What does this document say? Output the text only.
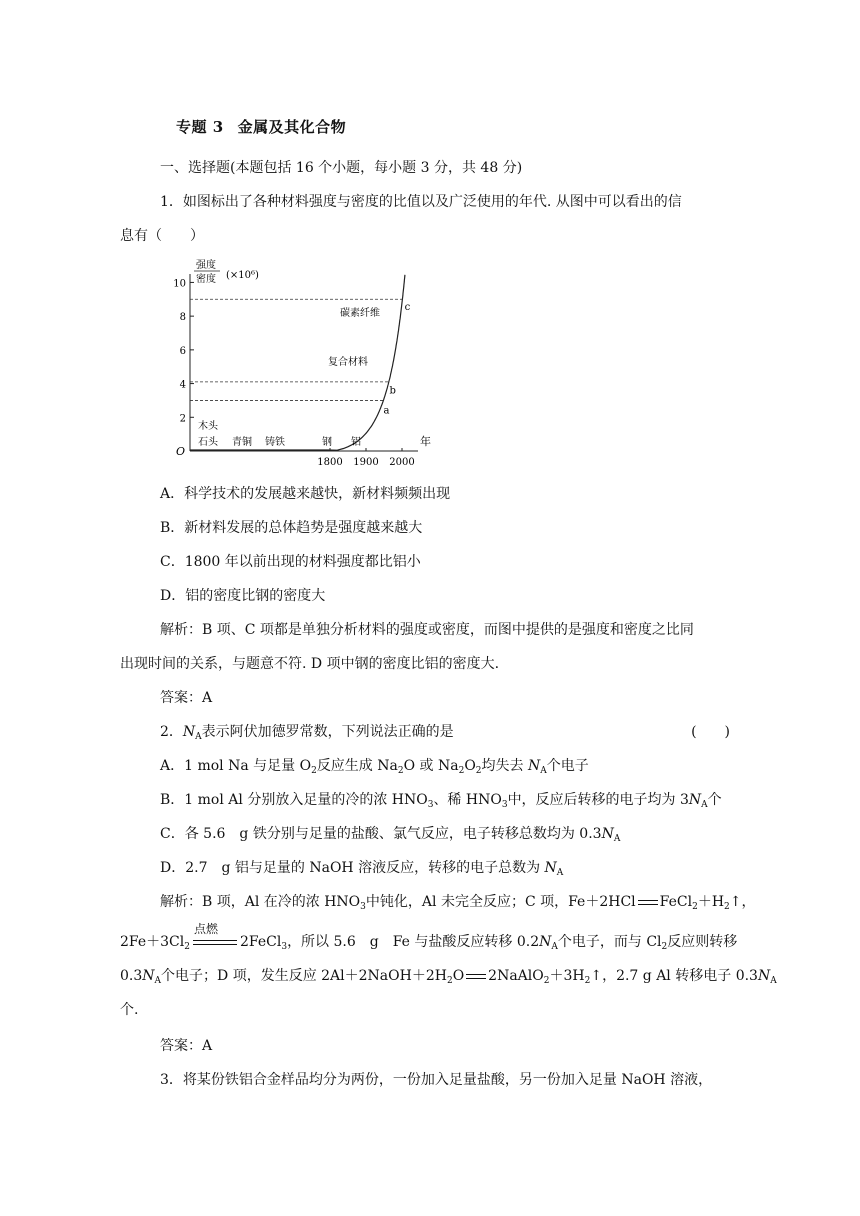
专题 3 金属及其化合物
一、选择题(本题包括 16 个小题，每小题 3 分，共 48 分)
1．如图标出了各种材料强度与密度的比值以及广泛使用的年代. 从图中可以看出的信
息有（　　）
O
强度
密度 (×10⁶)
2
4
6
8
10
1800 1900 2000
年
a
b
c
碳素纤维
复合材料
木头
石头 青铜 铸铁	钢 铝
A．科学技术的发展越来越快，新材料频频出现
B．新材料发展的总体趋势是强度越来越大
C．1800 年以前出现的材料强度都比铝小
D．铝的密度比钢的密度大
解析：B 项、C 项都是单独分析材料的强度或密度，而图中提供的是强度和密度之比同
出现时间的关系，与题意不符. D 项中钢的密度比铝的密度大.
答案：A
2．$N_A$表示阿伏加德罗常数，下列说法正确的是	(　　)
A．1 mol Na 与足量 $O_2$反应生成 $Na_2O$ 或 $Na_2O_2$均失去 $N_A$个电子
B．1 mol Al 分别放入足量的冷的浓 $HNO_3$、稀 $HNO_3$中，反应后转移的电子均为 $3N_A$个
C．各 5.6　g 铁分别与足量的盐酸、氯气反应，电子转移总数均为 $0.3N_A$
D．2.7　g 铝与足量的 NaOH 溶液反应，转移的电子总数为 $N_A$
解析：B 项，Al 在冷的浓 $HNO_3$中钝化，Al 未完全反应；C 项，Fe＋2HCl $FeCl_2+H_2↑$，
$2Fe+3Cl_2$
点燃
2FeCl$_3$，所以 5.6　g　Fe 与盐酸反应转移 $0.2N_A$个电子，而与 $Cl_2$反应则转移
$0.3N_A$个电子；D 项，发生反应 $2Al+2NaOH+2H_2O$ $2NaAlO_2+3H_2↑$，2.7 g Al 转移电子 $0.3N_A$
个.
答案：A
3．将某份铁铝合金样品均分为两份，一份加入足量盐酸，另一份加入足量 NaOH 溶液，
